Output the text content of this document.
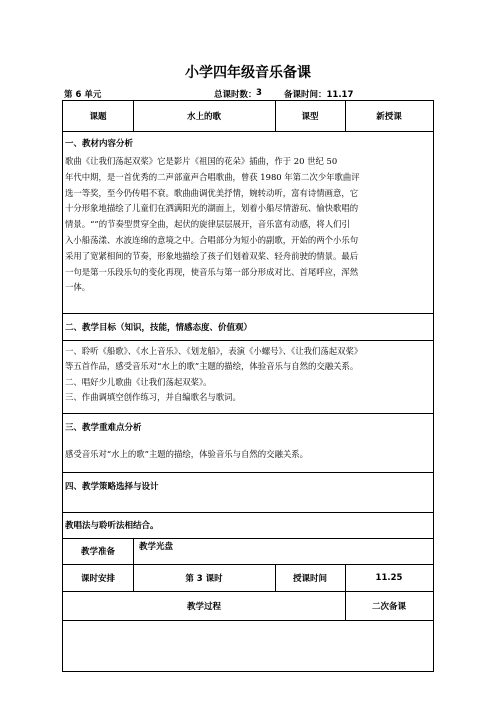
小学四年级音乐备课
第 6 单元	总课时数： 3	备课时间：11.17
课题	水上的歌	课型	新授课
一、教材内容分析
歌曲《让我们荡起双桨》它是影片《祖国的花朵》插曲，作于 20 世纪 50
年代中期，是一首优秀的二声部童声合唱歌曲，曾获 1980 年第二次少年歌曲评
选一等奖，至今仍传唱不衰。歌曲曲调优美抒情，婉转动听，富有诗情画意，它
十分形象地描绘了儿童们在洒满阳光的湖面上，划着小船尽情游玩、愉快歌唱的
情景。“”的节奏型贯穿全曲，起伏的旋律层层展开，音乐富有动感，将人们引
入小船荡漾、水波连绵的意境之中。合唱部分为短小的副歌，开始的两个小乐句
采用了宽紧相间的节奏，形象地描绘了孩子们划着双桨、轻舟前驶的情景。最后
一句是第一乐段乐句的变化再现，使音乐与第一部分形成对比、首尾呼应，浑然
一体。
二、教学目标（知识，技能，情感态度、价值观）
一、聆听《船歌》、《水上音乐》、《划龙船》，表演《小螺号》、《让我们荡起双桨》
等五首作品，感受音乐对“水上的歌”主题的描绘，体验音乐与自然的交融关系。
二、唱好少儿歌曲《让我们荡起双桨》。
三、作曲调填空创作练习，并自编歌名与歌词。
三、教学重难点分析
感受音乐对“水上的歌”主题的描绘，体验音乐与自然的交融关系。
四、教学策略选择与设计
教唱法与聆听法相结合。
教学准备	教学光盘
课时安排	第 3 课时	授课时间	11.25
教学过程	二次备课
